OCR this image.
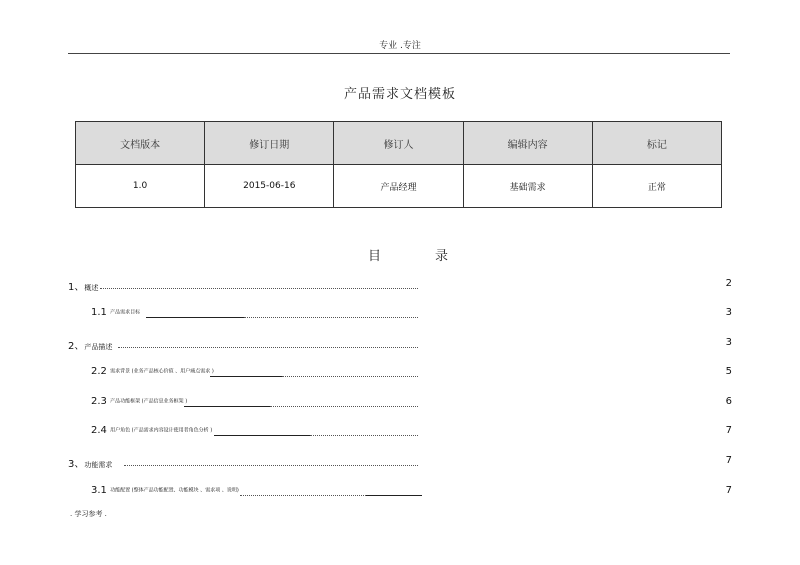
专业 .专注
产品需求文档模板
文档版本	修订日期	修订人	编辑内容	标记
1.0	2015-06-16	产品经理	基础需求	正常
目	录
1、概述	2
1.1 产品需求目标	3
2、产品描述	3
2.2 需求背景 (业务产品核心价值 、用户痛点需求 )	5
2.3 产品功能框架 (产品信息业务框架 )	6
2.4 用户角色 (产品需求内容设计使用者角色分析 )	7
3、功能需求	7
3.1 功能配置 (整体产品功能配置、功能模块 、需求项 、说明)	7
. 学习参考 .
